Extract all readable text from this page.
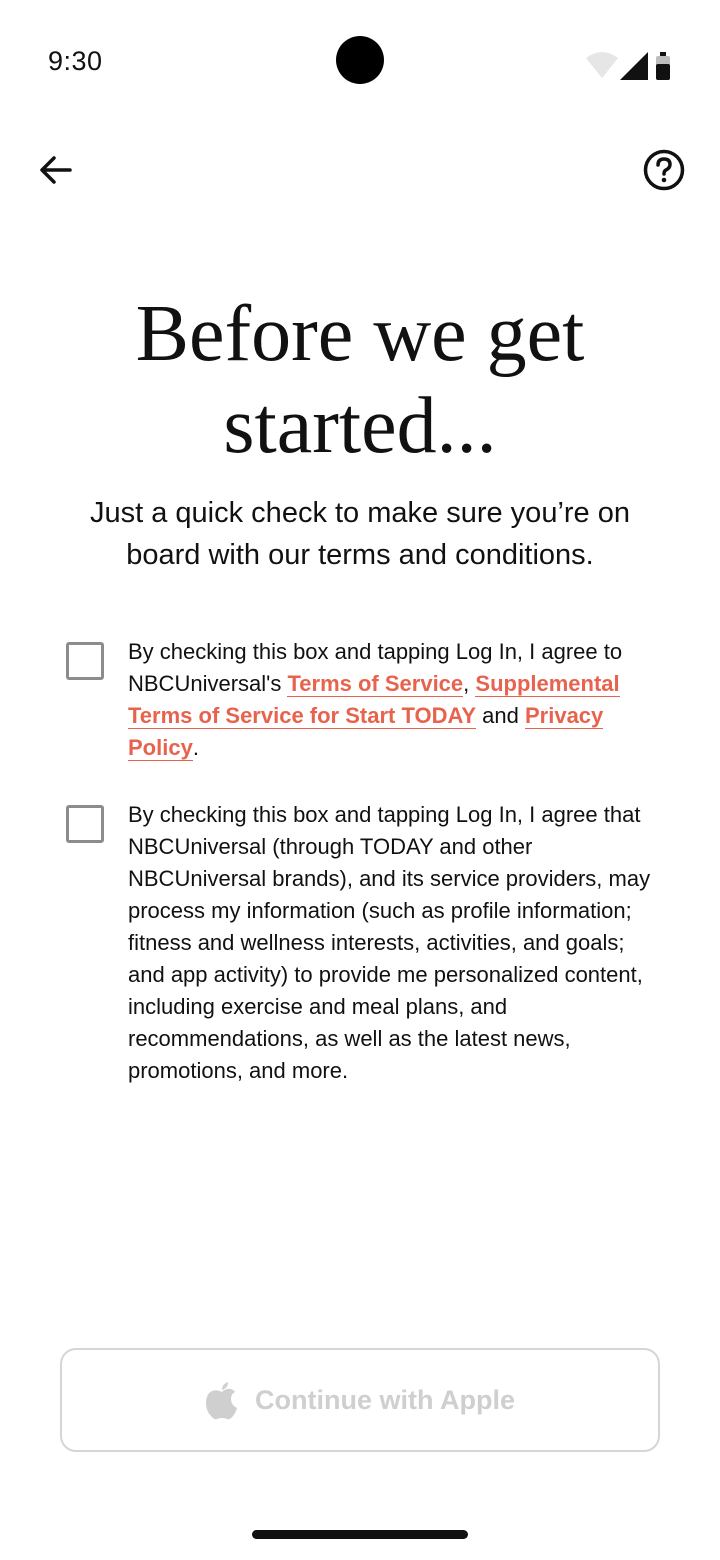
9:30
Before we get
started...

Just a quick check to make sure you’re on board with our terms and conditions.

By checking this box and tapping Log In, I agree to NBCUniversal's Terms of Service, Supplemental Terms of Service for Start TODAY and Privacy Policy.
By checking this box and tapping Log In, I agree that NBCUniversal (through TODAY and other NBCUniversal brands), and its service providers, may process my information (such as profile information; fitness and wellness interests, activities, and goals; and app activity) to provide me personalized content, including exercise and meal plans, and recommendations, as well as the latest news, promotions, and more.
Continue with Apple
